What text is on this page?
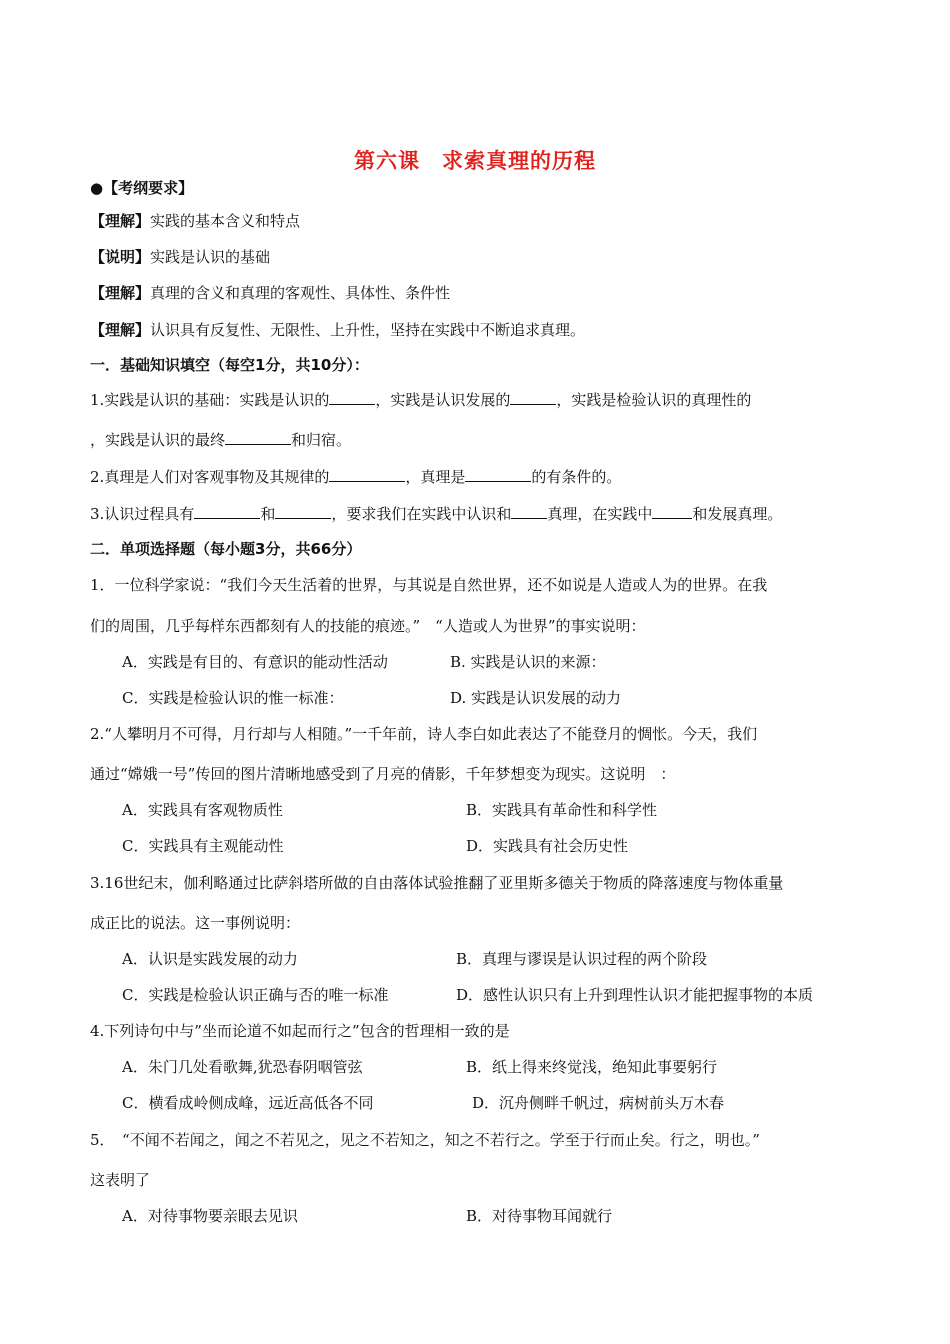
第六课　求索真理的历程
●【考纲要求】
【理解】实践的基本含义和特点
【说明】实践是认识的基础
【理解】真理的含义和真理的客观性、具体性、条件性
【理解】认识具有反复性、无限性、上升性，坚持在实践中不断追求真理。
一．基础知识填空（每空1分，共10分）：
1.实践是认识的基础：实践是认识的	，实践是认识发展的	，实践是检验认识的真理性的
，实践是认识的最终	和归宿。
2.真理是人们对客观事物及其规律的	，真理是	的有条件的。
3.认识过程具有	和	，要求我们在实践中认识和 真理，在实践中	和发展真理。
二．单项选择题（每小题3分，共66分）
1．一位科学家说：“我们今天生活着的世界，与其说是自然世界，还不如说是人造或人为的世界。在我
们的周围，几乎每样东西都刻有人的技能的痕迹。”　“人造或人为世界”的事实说明：
A．实践是有目的、有意识的能动性活动	B. 实践是认识的来源：
C．实践是检验认识的惟一标准：	D. 实践是认识发展的动力
2.“人攀明月不可得，月行却与人相随。”一千年前，诗人李白如此表达了不能登月的惆怅。今天，我们
通过“嫦娥一号”传回的图片清晰地感受到了月亮的倩影，千年梦想变为现实。这说明　：
A．实践具有客观物质性	B．实践具有革命性和科学性
C．实践具有主观能动性	D．实践具有社会历史性
3.16世纪末，伽利略通过比萨斜塔所做的自由落体试验推翻了亚里斯多德关于物质的降落速度与物体重量
成正比的说法。这一事例说明：
A．认识是实践发展的动力	B．真理与谬误是认识过程的两个阶段
C．实践是检验认识正确与否的唯一标准	D．感性认识只有上升到理性认识才能把握事物的本质
4.下列诗句中与”坐而论道不如起而行之”包含的哲理相一致的是
A．朱门几处看歌舞,犹恐春阴咽管弦	B．纸上得来终觉浅，绝知此事要躬行
C．横看成岭侧成峰，远近高低各不同	D．沉舟侧畔千帆过，病树前头万木春
5．　“不闻不若闻之，闻之不若见之，见之不若知之，知之不若行之。学至于行而止矣。行之，明也。”
这表明了
A．对待事物要亲眼去见识	B．对待事物耳闻就行
